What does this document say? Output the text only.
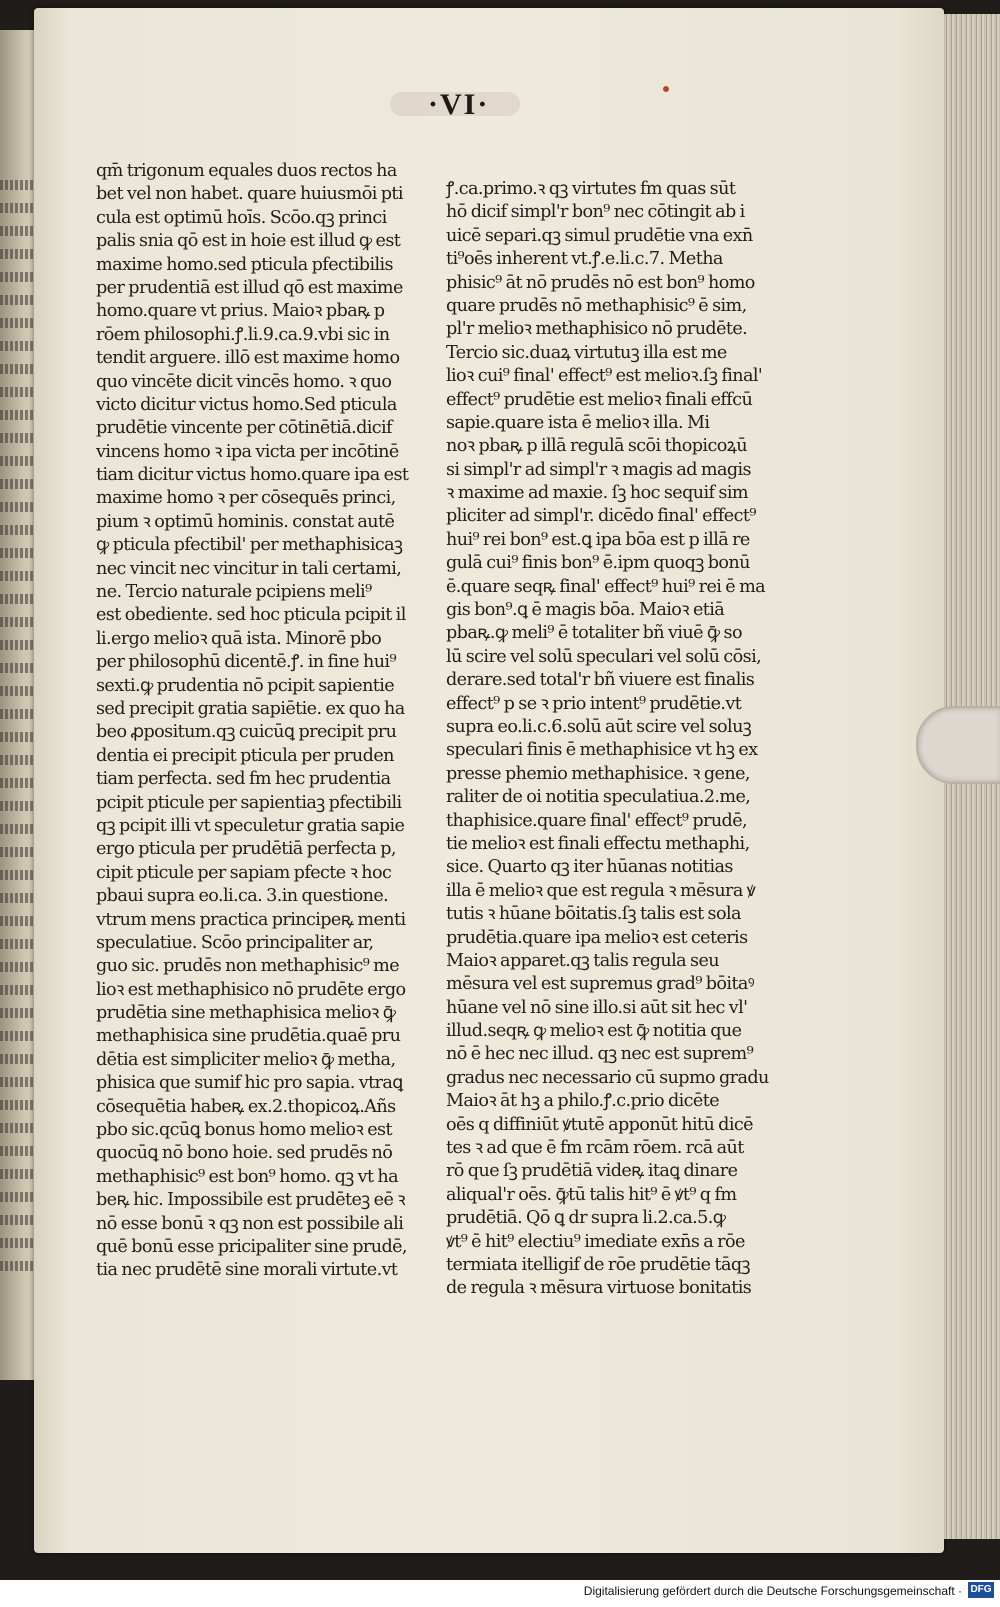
·VI·
qm̄ trigonum equales duos rectos ha
bet vel non habet. quare huiusmōi pti
cula est optimū hoīs. Scōo.qꝫ princi
palis snia qō est in hoie est illud ꝙ est
maxime homo.sed pticula pfectibilis
per prudentiā est illud qō est maxime
homo.quare vt prius. Maioꝛ pbaꝶ p
rōem philosophi.ꝭ.li.9.ca.9.vbi sic in
tendit arguere. illō est maxime homo
quo vincēte dicit vincēs homo. ꝛ quo
victo dicitur victus homo.Sed pticula
prudētie vincente per cōtinētiā.dicif
vincens homo ꝛ ipa victa per incōtinē
tiam dicitur victus homo.quare ipa est
maxime homo ꝛ per cōsequēs princi,
pium ꝛ optimū hominis. constat autē
ꝙ pticula pfectibil' per methaphisicaꝫ
nec vincit nec vincitur in tali certami,
ne. Tercio naturale pcipiens meli⁹
est obediente. sed hoc pticula pcipit il
li.ergo melioꝛ quā ista. Minorē pbo
per philosophū dicentē.ꝭ. in fine hui⁹
sexti.ꝙ prudentia nō pcipit sapientie
sed precipit gratia sapiētie. ex quo ha
beo ꝓpositum.qꝫ cuicūꝗ precipit pru
dentia ei precipit pticula per pruden
tiam perfecta. sed fm hec prudentia
pcipit pticule per sapientiaꝫ pfectibili
qꝫ pcipit illi vt speculetur gratia sapie
ergo pticula per prudētiā perfecta p,
cipit pticule per sapiam pfecte ꝛ hoc
pbaui supra eo.li.ca. 3.in questione.
vtrum mens practica principeꝶ menti
speculatiue. Scōo principaliter ar,
guo sic. prudēs non methaphisic⁹ me
lioꝛ est methaphisico nō prudēte ergo
prudētia sine methaphisica melioꝛ ꝙ̄
methaphisica sine prudētia.quaē pru
dētia est simpliciter melioꝛ ꝙ̄ metha,
phisica que sumif hic pro sapia. vtraꝗ
cōsequētia habeꝶ ex.2.thopicoꝝ.Añs
pbo sic.qcūꝗ bonus homo melioꝛ est
quocūꝗ nō bono hoie. sed prudēs nō
methaphisic⁹ est bon⁹ homo. qꝫ vt ha
beꝶ hic. Impossibile est prudēteꝫ eē ꝛ
nō esse bonū ꝛ qꝫ non est possibile ali
quē bonū esse pricipaliter sine prudē,
tia nec prudētē sine morali virtute.vt
ꝭ.ca.primo.ꝛ qꝫ virtutes fm quas sūt
hō dicif simpl'r bon⁹ nec cōtingit ab i
uicē separi.qꝫ simul prudētie vna exn̄
ti⁹oēs inherent vt.ꝭ.e.li.c.7. Metha
phisic⁹ āt nō prudēs nō est bon⁹ homo
quare prudēs nō methaphisic⁹ ē sim,
pl'r melioꝛ methaphisico nō prudēte.
Tercio sic.duaꝝ virtutuꝫ illa est me
lioꝛ cui⁹ final' effect⁹ est melioꝛ.ſꝫ final'
effect⁹ prudētie est melioꝛ finali effcū
sapie.quare ista ē melioꝛ illa. Mi
noꝛ pbaꝶ p illā regulā scōi thopicoꝝū
si simpl'r ad simpl'r ꝛ magis ad magis
ꝛ maxime ad maxie. ſꝫ hoc sequif sim
pliciter ad simpl'r. dicēdo final' effect⁹
hui⁹ rei bon⁹ est.ꝗ ipa bōa est p illā re
gulā cui⁹ finis bon⁹ ē.ipm quoqꝫ bonū
ē.quare seqꝶ final' effect⁹ hui⁹ rei ē ma
gis bon⁹.ꝗ ē magis bōa. Maioꝛ etiā
pbaꝶ.ꝙ meli⁹ ē totaliter bñ viuē ꝙ̄ so
lū scire vel solū speculari vel solū cōsi,
derare.sed total'r bñ viuere est finalis
effect⁹ p se ꝛ prio intent⁹ prudētie.vt
supra eo.li.c.6.solū aūt scire vel soluꝫ
speculari finis ē methaphisice vt hꝫ ex
presse phemio methaphisice. ꝛ gene,
raliter de oi notitia speculatiua.2.me,
thaphisice.quare final' effect⁹ prudē,
tie melioꝛ est finali effectu methaphi,
sice. Quarto qꝫ iter hūanas notitias
illa ē melioꝛ que est regula ꝛ mēsura ꝟ
tutis ꝛ hūane bōitatis.ſꝫ talis est sola
prudētia.quare ipa melioꝛ est ceteris
Maioꝛ apparet.qꝫ talis regula seu
mēsura vel est supremus grad⁹ bōitaꝰ
hūane vel nō sine illo.si aūt sit hec vl'
illud.seqꝶ ꝙ melioꝛ est ꝙ̄ notitia que
nō ē hec nec illud. qꝫ nec est suprem⁹
gradus nec necessario cū supmo gradu
Maioꝛ āt hꝫ a philo.ꝭ.c.prio dicēte
oēs q diffiniūt ꝟtutē apponūt hitū dicē
tes ꝛ ad que ē fm rcām rōem. rcā aūt
rō que ſꝫ prudētiā videꝶ itaꝗ dinare
aliqual'r oēs. ꝙ̄tū talis hit⁹ ē ꝟt⁹ q fm
prudētiā. Qō ꝗ dr supra li.2.ca.5.ꝙ
ꝟt⁹ ē hit⁹ electiu⁹ imediate exn̄s a rōe
termiata itelligif de rōe prudētie tāqꝫ
de regula ꝛ mēsura virtuose bonitatis
Digitalisierung gefördert durch die Deutsche Forschungsgemeinschaft · DFG
